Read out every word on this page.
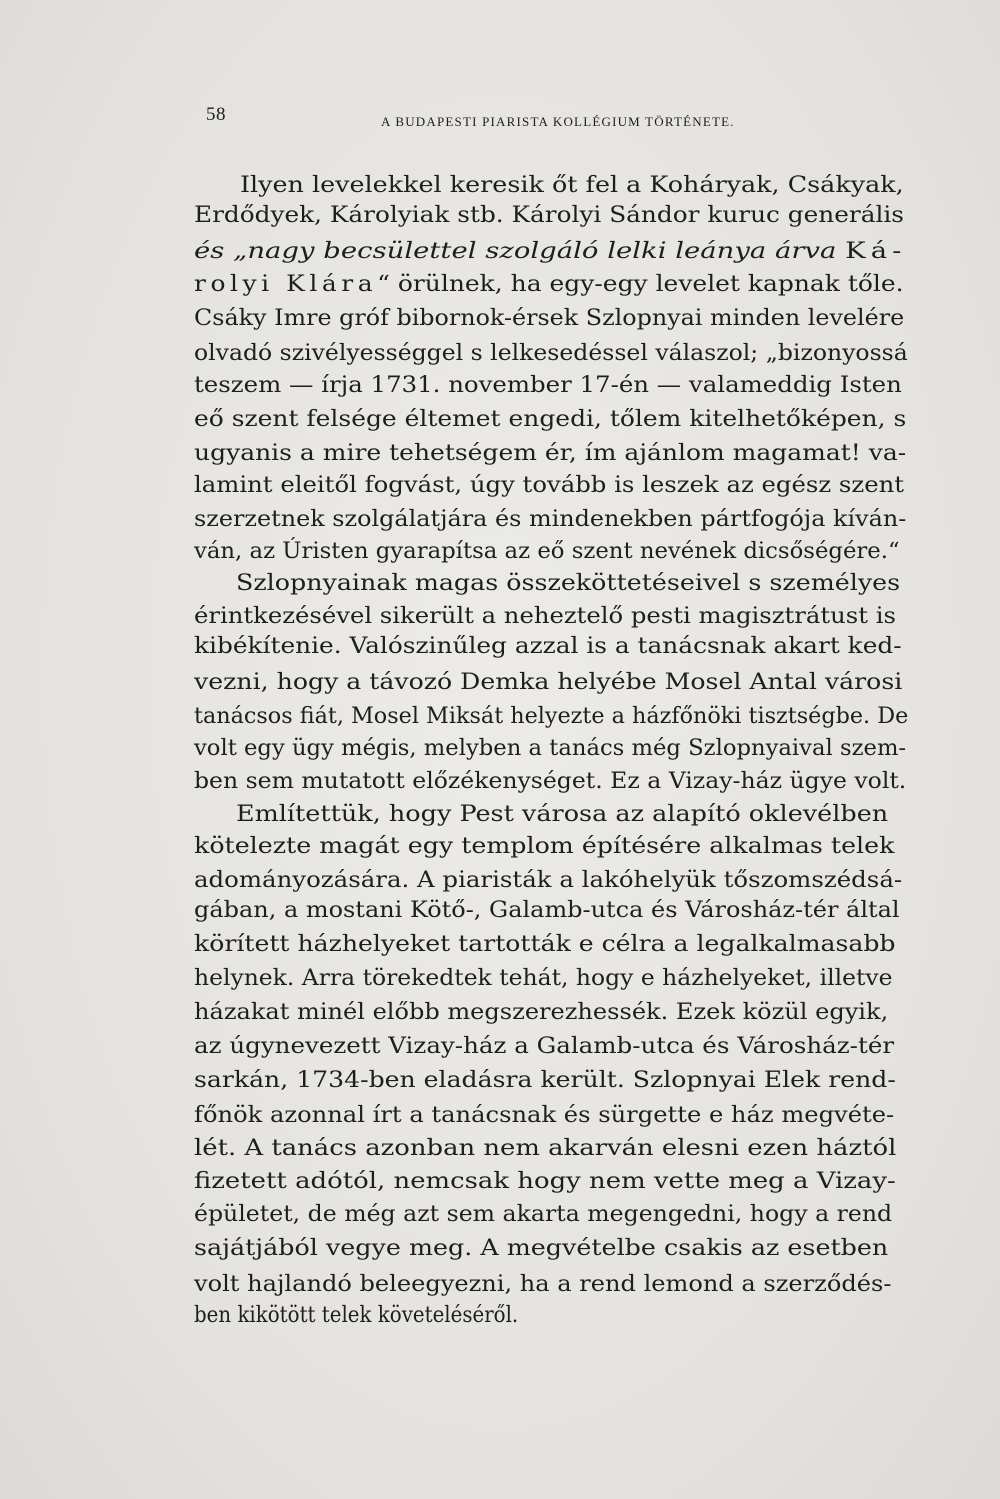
58	A BUDAPESTI PIARISTA KOLLÉGIUM TÖRTÉNETE.
Ilyen levelekkel keresik őt fel a Koháryak, Csákyak,
Erdődyek, Károlyiak stb. Károlyi Sándor kuruc generális
és „nagy becsülettel szolgáló lelki leánya árva Ká-
rolyi Klára“ örülnek, ha egy-egy levelet kapnak tőle.
Csáky Imre gróf bibornok-érsek Szlopnyai minden levelére
olvadó szivélyességgel s lelkesedéssel válaszol; „bizonyossá
teszem — írja 1731. november 17-én — valameddig Isten
eő szent felsége éltemet engedi, tőlem kitelhetőképen, s
ugyanis a mire tehetségem ér, ím ajánlom magamat! va-
lamint eleitől fogvást, úgy tovább is leszek az egész szent
szerzetnek szolgálatjára és mindenekben pártfogója kíván-
ván, az Úristen gyarapítsa az eő szent nevének dicsőségére.“
Szlopnyainak magas összeköttetéseivel s személyes
érintkezésével sikerült a neheztelő pesti magisztrátust is
kibékítenie. Valószinűleg azzal is a tanácsnak akart ked-
vezni, hogy a távozó Demka helyébe Mosel Antal városi
tanácsos fiát, Mosel Miksát helyezte a házfőnöki tisztségbe. De
volt egy ügy mégis, melyben a tanács még Szlopnyaival szem-
ben sem mutatott előzékenységet. Ez a Vizay-ház ügye volt.
Említettük, hogy Pest városa az alapító oklevélben
kötelezte magát egy templom építésére alkalmas telek
adományozására. A piaristák a lakóhelyük tőszomszédsá-
gában, a mostani Kötő-, Galamb-utca és Városház-tér által
körített házhelyeket tartották e célra a legalkalmasabb
helynek. Arra törekedtek tehát, hogy e házhelyeket, illetve
házakat minél előbb megszerezhessék. Ezek közül egyik,
az úgynevezett Vizay-ház a Galamb-utca és Városház-tér
sarkán, 1734-ben eladásra került. Szlopnyai Elek rend-
főnök azonnal írt a tanácsnak és sürgette e ház megvéte-
lét. A tanács azonban nem akarván elesni ezen háztól
fizetett adótól, nemcsak hogy nem vette meg a Vizay-
épületet, de még azt sem akarta megengedni, hogy a rend
sajátjából vegye meg. A megvételbe csakis az esetben
volt hajlandó beleegyezni, ha a rend lemond a szerződés-
ben kikötött telek követeléséről.
